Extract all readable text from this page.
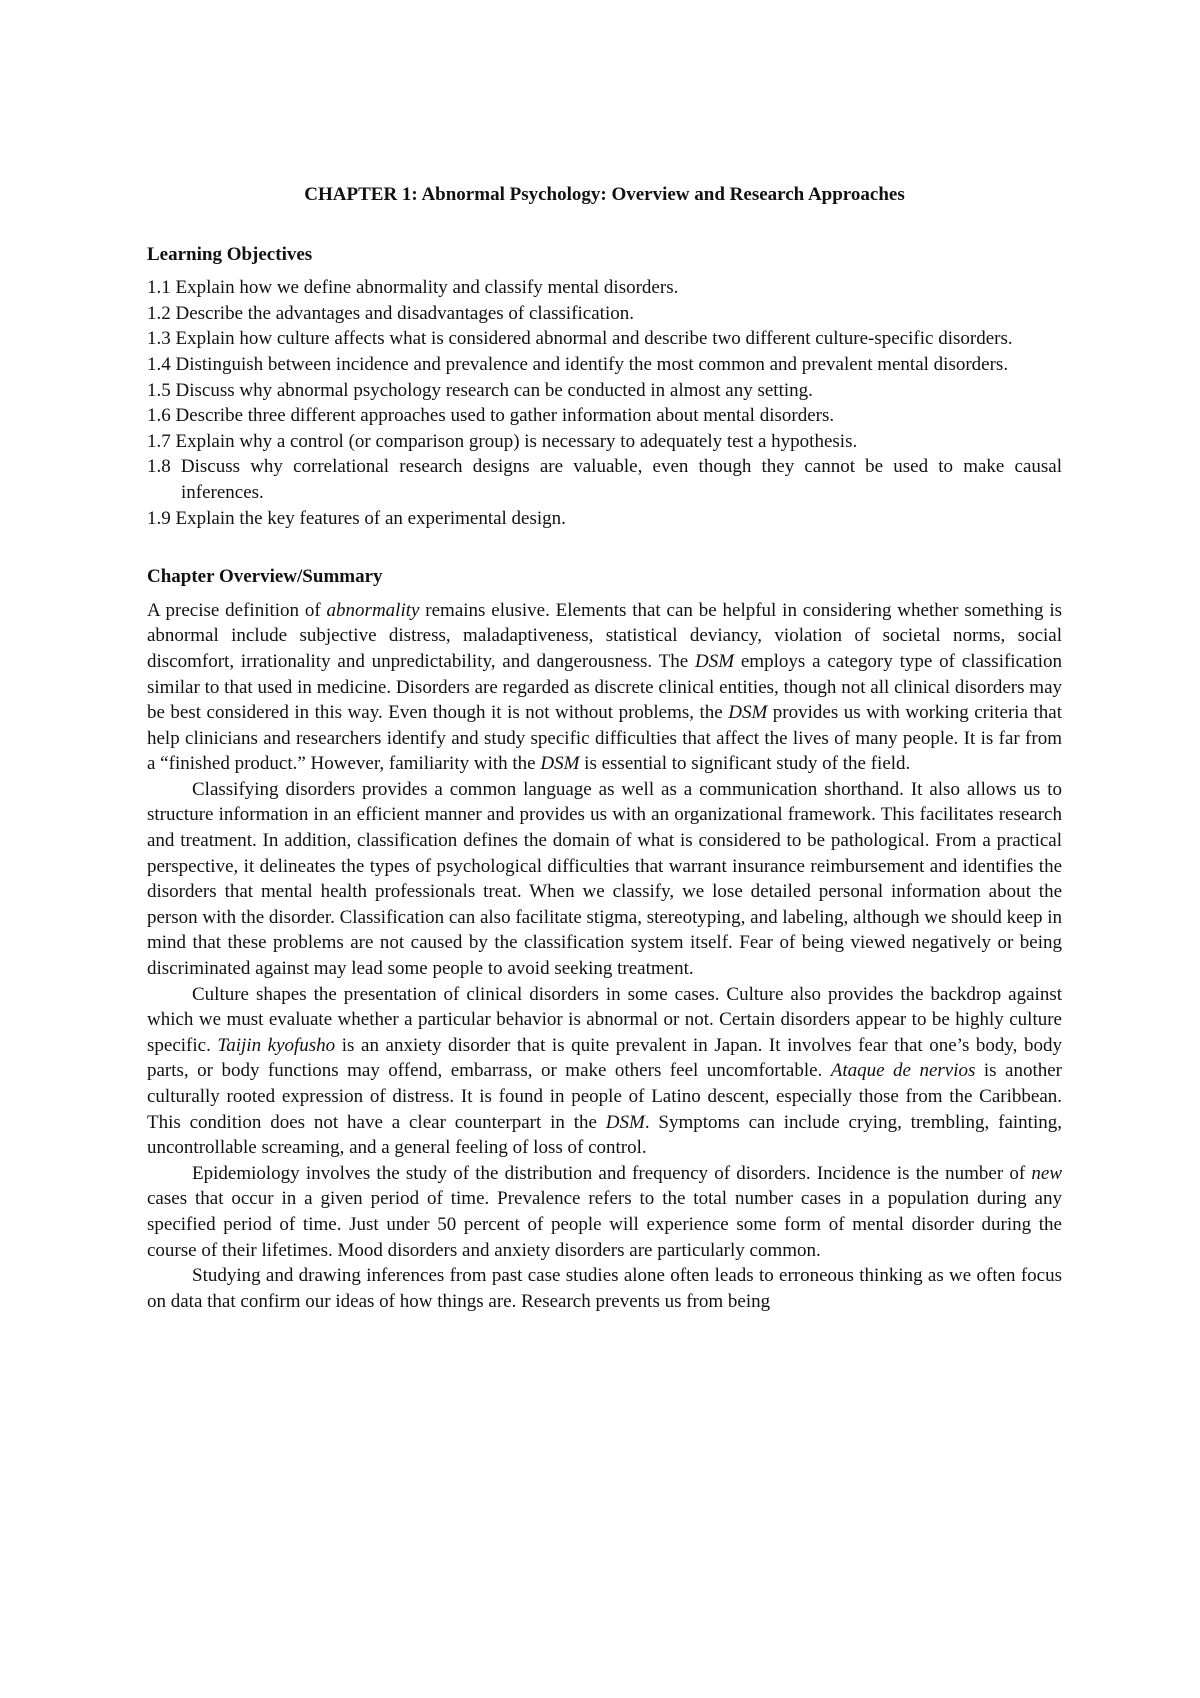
CHAPTER 1: Abnormal Psychology: Overview and Research Approaches
Learning Objectives
1.1 Explain how we define abnormality and classify mental disorders.
1.2 Describe the advantages and disadvantages of classification.
1.3 Explain how culture affects what is considered abnormal and describe two different culture-specific disorders.
1.4 Distinguish between incidence and prevalence and identify the most common and prevalent mental disorders.
1.5 Discuss why abnormal psychology research can be conducted in almost any setting.
1.6 Describe three different approaches used to gather information about mental disorders.
1.7 Explain why a control (or comparison group) is necessary to adequately test a hypothesis.
1.8 Discuss why correlational research designs are valuable, even though they cannot be used to make causal inferences.
1.9 Explain the key features of an experimental design.
Chapter Overview/Summary

A precise definition of abnormality remains elusive. Elements that can be helpful in considering whether something is abnormal include subjective distress, maladaptiveness, statistical deviancy, violation of societal norms, social discomfort, irrationality and unpredictability, and dangerousness. The DSM employs a category type of classification similar to that used in medicine. Disorders are regarded as discrete clinical entities, though not all clinical disorders may be best considered in this way. Even though it is not without problems, the DSM provides us with working criteria that help clinicians and researchers identify and study specific difficulties that affect the lives of many people. It is far from a “finished product.” However, familiarity with the DSM is essential to significant study of the field.

Classifying disorders provides a common language as well as a communication shorthand. It also allows us to structure information in an efficient manner and provides us with an organizational framework. This facilitates research and treatment. In addition, classification defines the domain of what is considered to be pathological. From a practical perspective, it delineates the types of psychological difficulties that warrant insurance reimbursement and identifies the disorders that mental health professionals treat. When we classify, we lose detailed personal information about the person with the disorder. Classification can also facilitate stigma, stereotyping, and labeling, although we should keep in mind that these problems are not caused by the classification system itself. Fear of being viewed negatively or being discriminated against may lead some people to avoid seeking treatment.

Culture shapes the presentation of clinical disorders in some cases. Culture also provides the backdrop against which we must evaluate whether a particular behavior is abnormal or not. Certain disorders appear to be highly culture specific. Taijin kyofusho is an anxiety disorder that is quite prevalent in Japan. It involves fear that one’s body, body parts, or body functions may offend, embarrass, or make others feel uncomfortable. Ataque de nervios is another culturally rooted expression of distress. It is found in people of Latino descent, especially those from the Caribbean. This condition does not have a clear counterpart in the DSM. Symptoms can include crying, trembling, fainting, uncontrollable screaming, and a general feeling of loss of control.

Epidemiology involves the study of the distribution and frequency of disorders. Incidence is the number of new cases that occur in a given period of time. Prevalence refers to the total number cases in a population during any specified period of time. Just under 50 percent of people will experience some form of mental disorder during the course of their lifetimes. Mood disorders and anxiety disorders are particularly common.

Studying and drawing inferences from past case studies alone often leads to erroneous thinking as we often focus on data that confirm our ideas of how things are. Research prevents us from being
